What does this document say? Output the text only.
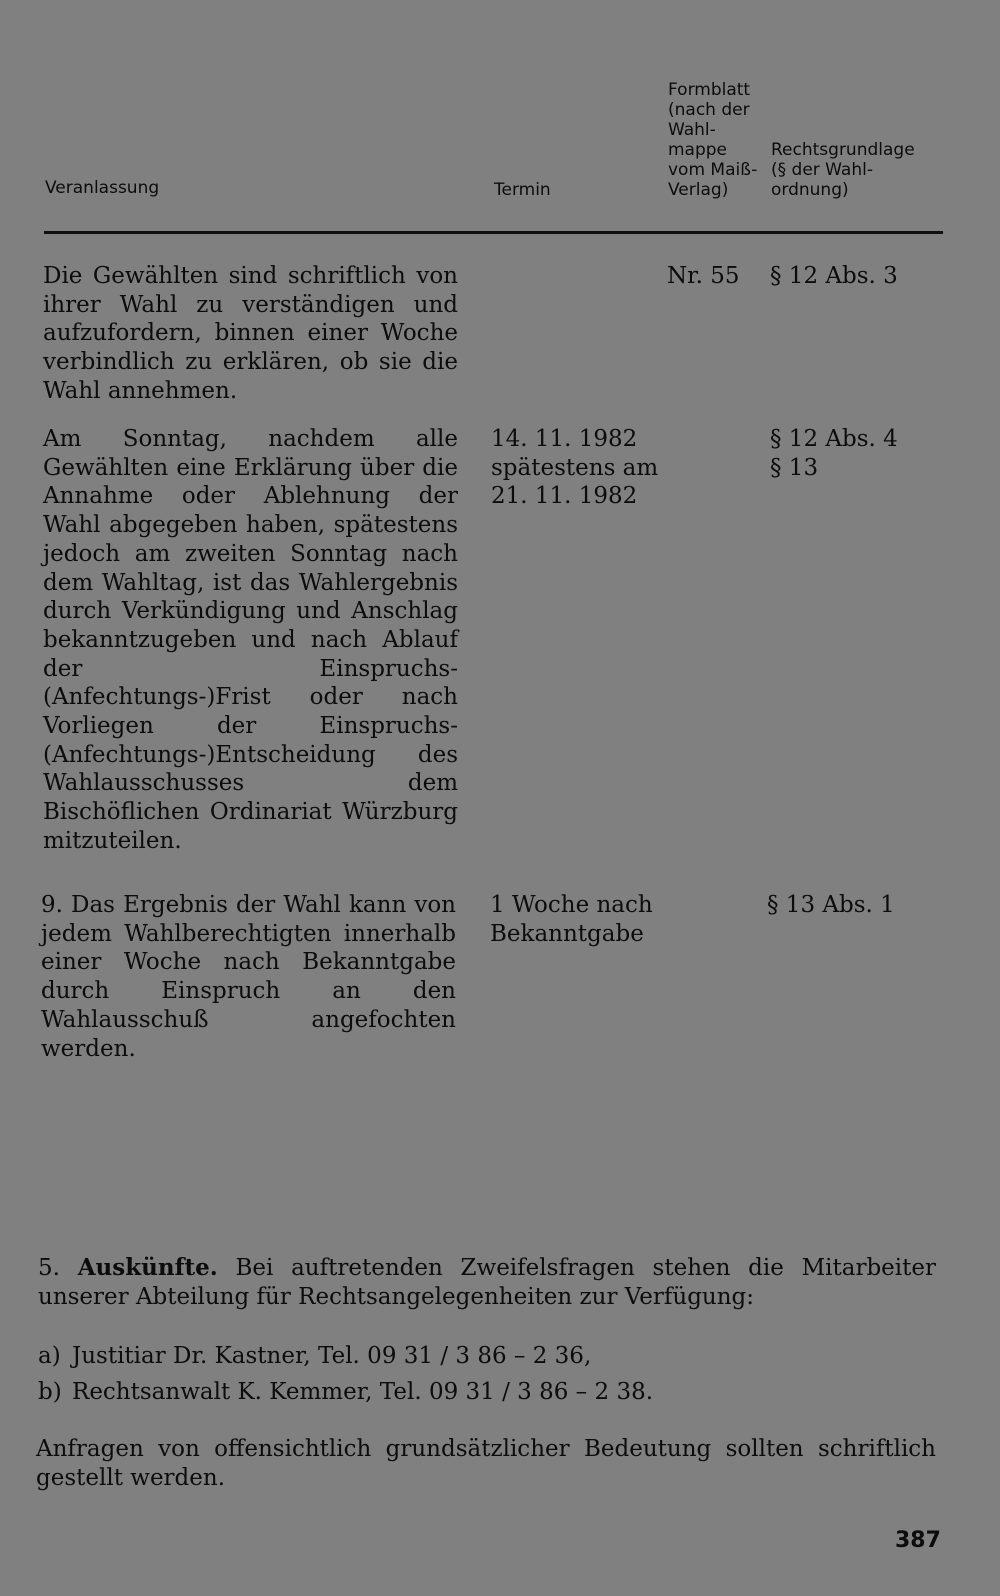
Veranlassung	Termin
Formblatt
(nach der
Wahl-
mappe
vom Maiß-
Verlag)
Rechtsgrundlage
(§ der Wahl-
ordnung)
Die Gewählten sind schriftlich von ihrer Wahl zu verständigen und aufzufordern, binnen einer Woche verbindlich zu erklären, ob sie die Wahl annehmen.
Nr. 55 § 12 Abs. 3
Am Sonntag, nachdem alle Gewählten eine Erklärung über die Annahme oder Ablehnung der Wahl abgegeben haben, spätestens jedoch am zweiten Sonntag nach dem Wahltag, ist das Wahlergebnis durch Verkündigung und Anschlag bekanntzugeben und nach Ablauf der Einspruchs- (Anfechtungs-)Frist oder nach Vorliegen der Einspruchs- (Anfechtungs-)Entscheidung des Wahlausschusses dem Bischöflichen Ordinariat Würzburg mitzuteilen.
14. 11. 1982
spätestens am
21. 11. 1982
§ 12 Abs. 4
§ 13
9. Das Ergebnis der Wahl kann von jedem Wahlberechtigten innerhalb einer Woche nach Bekanntgabe durch Einspruch an den Wahlausschuß angefochten werden.
1 Woche nach
Bekanntgabe
§ 13 Abs. 1
5. Auskünfte. Bei auftretenden Zweifelsfragen stehen die Mitarbeiter unserer Abteilung für Rechtsangelegenheiten zur Verfügung:
a) Justitiar Dr. Kastner, Tel. 09 31 / 3 86 – 2 36,
b) Rechtsanwalt K. Kemmer, Tel. 09 31 / 3 86 – 2 38.
Anfragen von offensichtlich grundsätzlicher Bedeutung sollten schriftlich gestellt werden.
387
